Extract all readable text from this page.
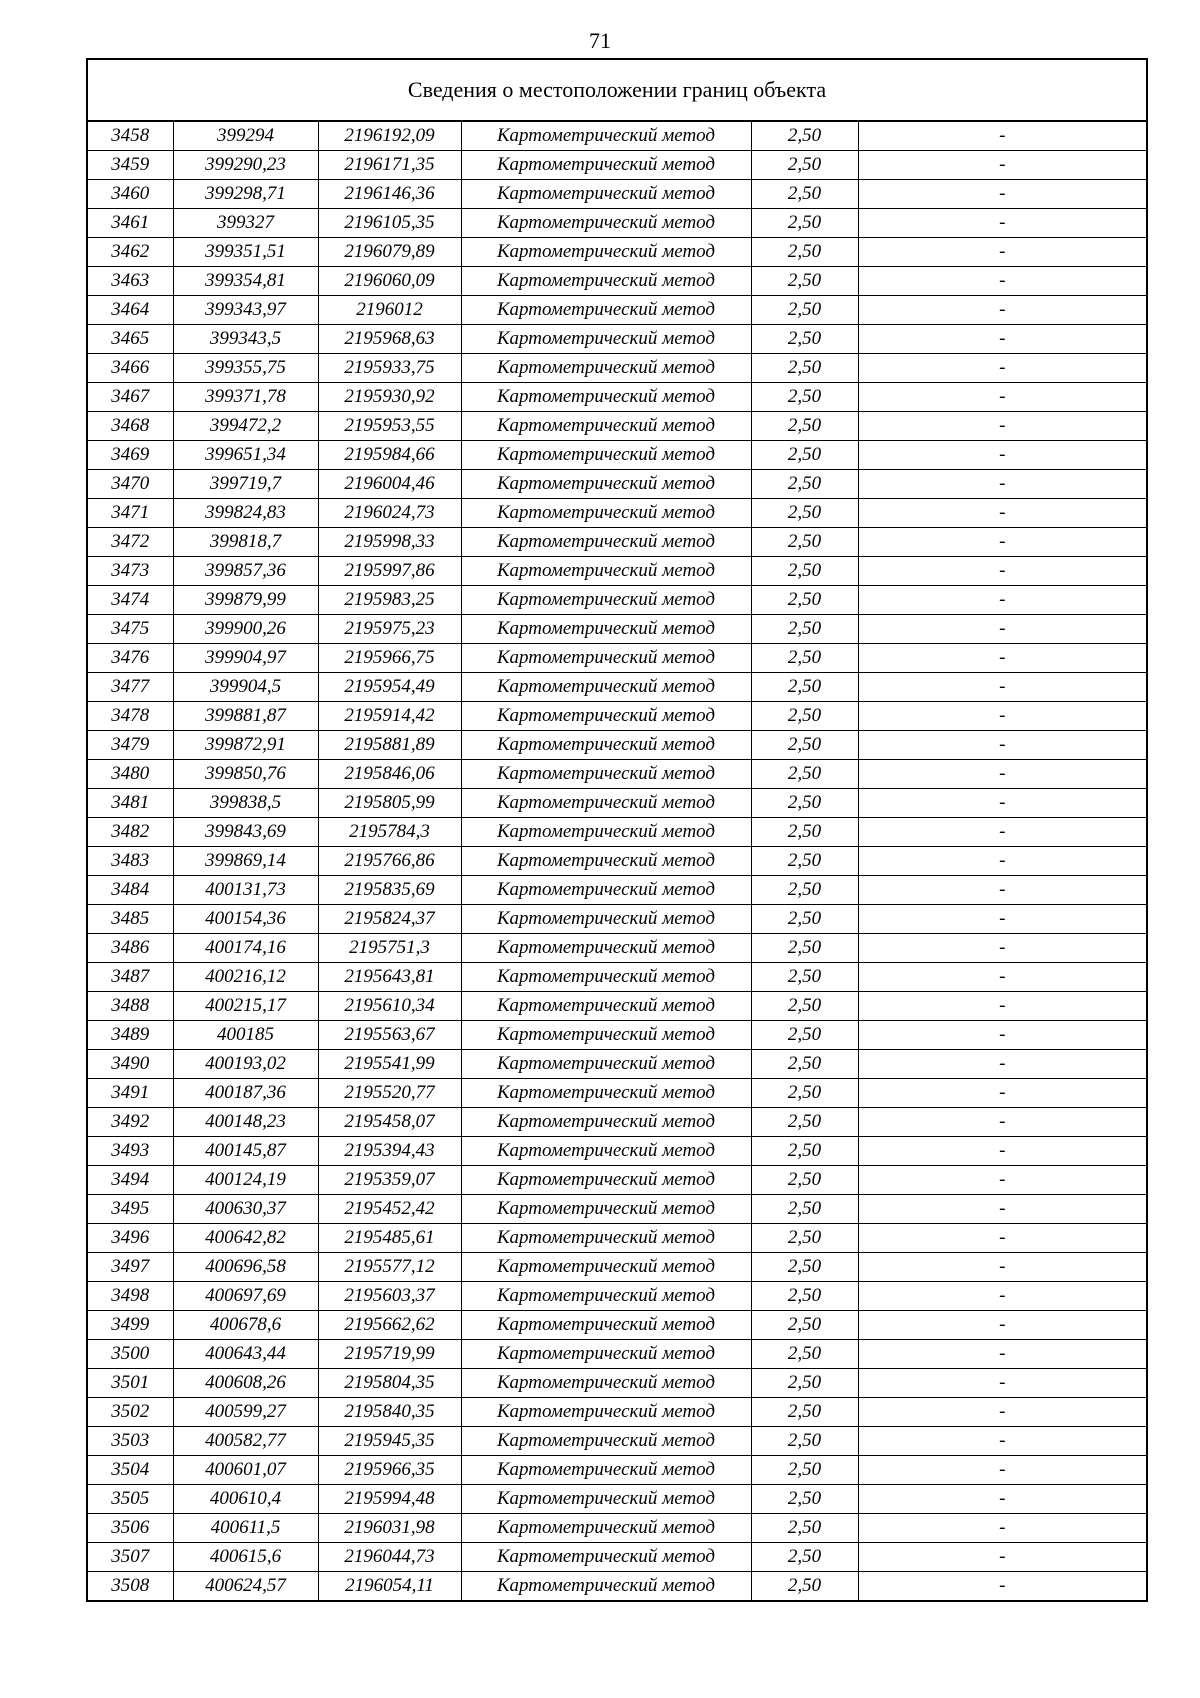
71
Сведения о местоположении границ объекта
3458	399294	2196192,09	Картометрический метод	2,50	-
3459	399290,23	2196171,35	Картометрический метод	2,50	-
3460	399298,71	2196146,36	Картометрический метод	2,50	-
3461	399327	2196105,35	Картометрический метод	2,50	-
3462	399351,51	2196079,89	Картометрический метод	2,50	-
3463	399354,81	2196060,09	Картометрический метод	2,50	-
3464	399343,97	2196012	Картометрический метод	2,50	-
3465	399343,5	2195968,63	Картометрический метод	2,50	-
3466	399355,75	2195933,75	Картометрический метод	2,50	-
3467	399371,78	2195930,92	Картометрический метод	2,50	-
3468	399472,2	2195953,55	Картометрический метод	2,50	-
3469	399651,34	2195984,66	Картометрический метод	2,50	-
3470	399719,7	2196004,46	Картометрический метод	2,50	-
3471	399824,83	2196024,73	Картометрический метод	2,50	-
3472	399818,7	2195998,33	Картометрический метод	2,50	-
3473	399857,36	2195997,86	Картометрический метод	2,50	-
3474	399879,99	2195983,25	Картометрический метод	2,50	-
3475	399900,26	2195975,23	Картометрический метод	2,50	-
3476	399904,97	2195966,75	Картометрический метод	2,50	-
3477	399904,5	2195954,49	Картометрический метод	2,50	-
3478	399881,87	2195914,42	Картометрический метод	2,50	-
3479	399872,91	2195881,89	Картометрический метод	2,50	-
3480	399850,76	2195846,06	Картометрический метод	2,50	-
3481	399838,5	2195805,99	Картометрический метод	2,50	-
3482	399843,69	2195784,3	Картометрический метод	2,50	-
3483	399869,14	2195766,86	Картометрический метод	2,50	-
3484	400131,73	2195835,69	Картометрический метод	2,50	-
3485	400154,36	2195824,37	Картометрический метод	2,50	-
3486	400174,16	2195751,3	Картометрический метод	2,50	-
3487	400216,12	2195643,81	Картометрический метод	2,50	-
3488	400215,17	2195610,34	Картометрический метод	2,50	-
3489	400185	2195563,67	Картометрический метод	2,50	-
3490	400193,02	2195541,99	Картометрический метод	2,50	-
3491	400187,36	2195520,77	Картометрический метод	2,50	-
3492	400148,23	2195458,07	Картометрический метод	2,50	-
3493	400145,87	2195394,43	Картометрический метод	2,50	-
3494	400124,19	2195359,07	Картометрический метод	2,50	-
3495	400630,37	2195452,42	Картометрический метод	2,50	-
3496	400642,82	2195485,61	Картометрический метод	2,50	-
3497	400696,58	2195577,12	Картометрический метод	2,50	-
3498	400697,69	2195603,37	Картометрический метод	2,50	-
3499	400678,6	2195662,62	Картометрический метод	2,50	-
3500	400643,44	2195719,99	Картометрический метод	2,50	-
3501	400608,26	2195804,35	Картометрический метод	2,50	-
3502	400599,27	2195840,35	Картометрический метод	2,50	-
3503	400582,77	2195945,35	Картометрический метод	2,50	-
3504	400601,07	2195966,35	Картометрический метод	2,50	-
3505	400610,4	2195994,48	Картометрический метод	2,50	-
3506	400611,5	2196031,98	Картометрический метод	2,50	-
3507	400615,6	2196044,73	Картометрический метод	2,50	-
3508	400624,57	2196054,11	Картометрический метод	2,50	-
